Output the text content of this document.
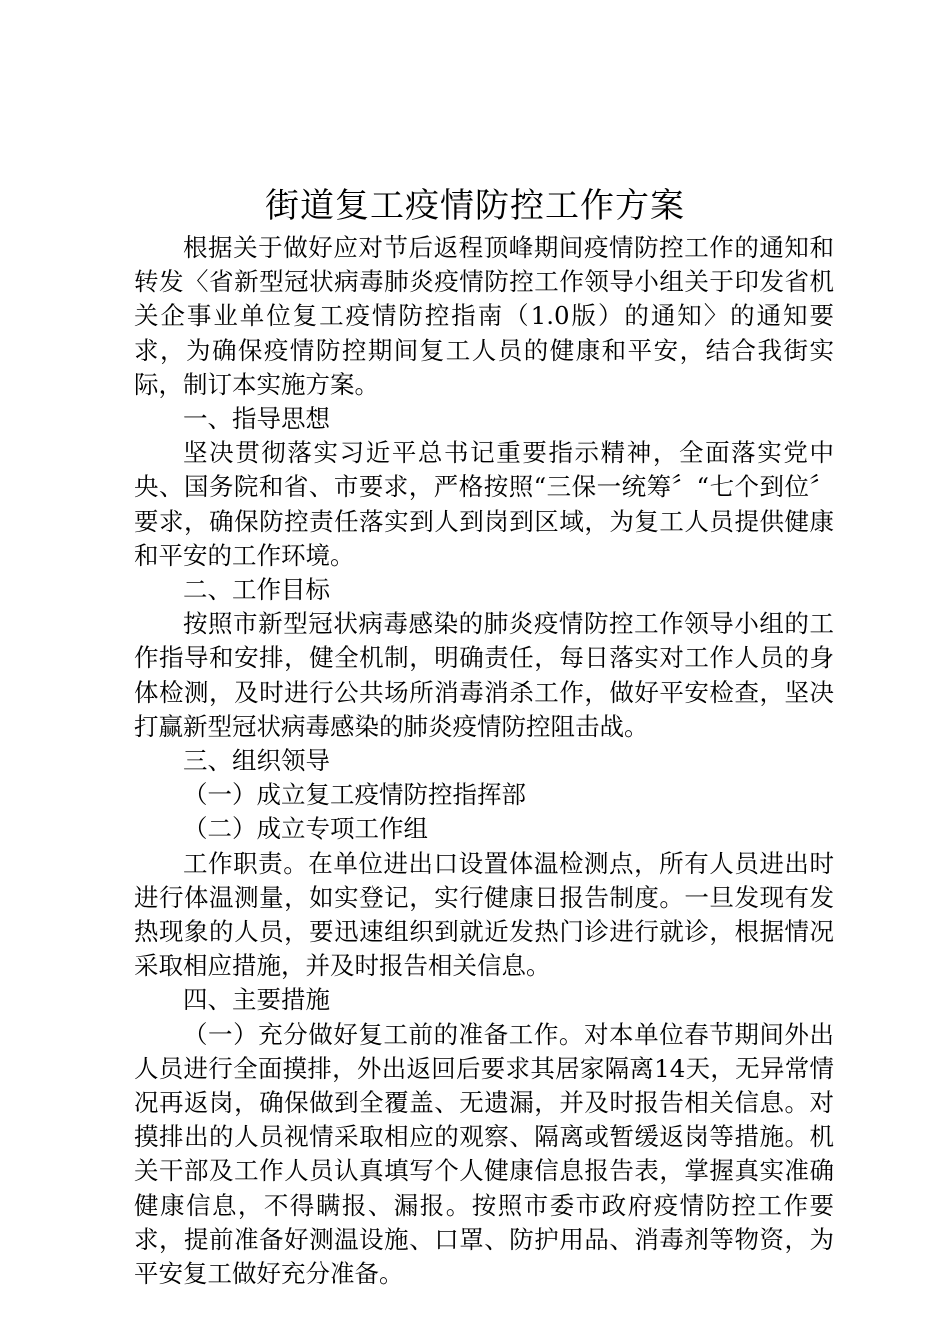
街道复工疫情防控工作方案

根据关于做好应对节后返程顶峰期间疫情防控工作的通知和转发〈省新型冠状病毒肺炎疫情防控工作领导小组关于印发省机关企事业单位复工疫情防控指南（1.0版）的通知〉的通知要求，为确保疫情防控期间复工人员的健康和平安，结合我街实际，制订本实施方案。

一、指导思想

坚决贯彻落实习近平总书记重要指示精神，全面落实党中央、国务院和省、市要求，严格按照“三保一统筹〞“七个到位〞要求，确保防控责任落实到人到岗到区域，为复工人员提供健康和平安的工作环境。

二、工作目标

按照市新型冠状病毒感染的肺炎疫情防控工作领导小组的工作指导和安排，健全机制，明确责任，每日落实对工作人员的身体检测，及时进行公共场所消毒消杀工作，做好平安检查，坚决打赢新型冠状病毒感染的肺炎疫情防控阻击战。

三、组织领导

（一）成立复工疫情防控指挥部

（二）成立专项工作组

工作职责。在单位进出口设置体温检测点，所有人员进出时进行体温测量，如实登记，实行健康日报告制度。一旦发现有发热现象的人员，要迅速组织到就近发热门诊进行就诊，根据情况采取相应措施，并及时报告相关信息。

四、主要措施

（一）充分做好复工前的准备工作。对本单位春节期间外出人员进行全面摸排，外出返回后要求其居家隔离14天，无异常情况再返岗，确保做到全覆盖、无遗漏，并及时报告相关信息。对摸排出的人员视情采取相应的观察、隔离或暂缓返岗等措施。机关干部及工作人员认真填写个人健康信息报告表，掌握真实准确健康信息，不得瞒报、漏报。按照市委市政府疫情防控工作要求，提前准备好测温设施、口罩、防护用品、消毒剂等物资，为平安复工做好充分准备。
